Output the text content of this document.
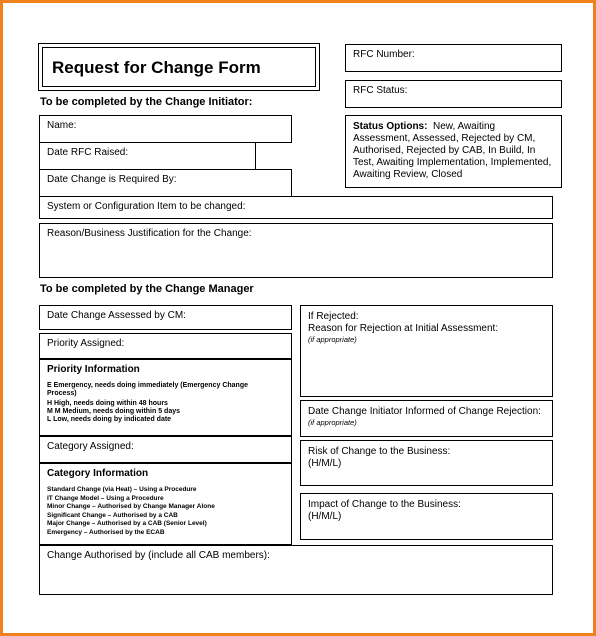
Request for Change Form
RFC Number:
RFC Status:
Status Options: New, Awaiting Assessment, Assessed, Rejected by CM, Authorised, Rejected by CAB, In Build, In Test, Awaiting Implementation, Implemented, Awaiting Review, Closed
To be completed by the Change Initiator:
Name:
Date RFC Raised:
Date Change is Required By:
System or Configuration Item to be changed:
Reason/Business Justification for the Change:
To be completed by the Change Manager
Date Change Assessed by CM:
Priority Assigned:
Priority Information
E Emergency, needs doing immediately (Emergency Change
Process)
H High, needs doing within 48 hours
M M Medium, needs doing within 5 days
L Low, needs doing by indicated date
Category Assigned:
Category Information
Standard Change (via Heat) – Using a Procedure
IT Change Model – Using a Procedure
Minor Change – Authorised by Change Manager Alone
Significant Change – Authorised by a CAB
Major Change – Authorised by a CAB (Senior Level)
Emergency – Authorised by the ECAB
If Rejected:
Reason for Rejection at Initial Assessment:
(if appropriate)
Date Change Initiator Informed of Change Rejection:
(if appropriate)
Risk of Change to the Business:
(H/M/L)
Impact of Change to the Business:
(H/M/L)
Change Authorised by (include all CAB members):
